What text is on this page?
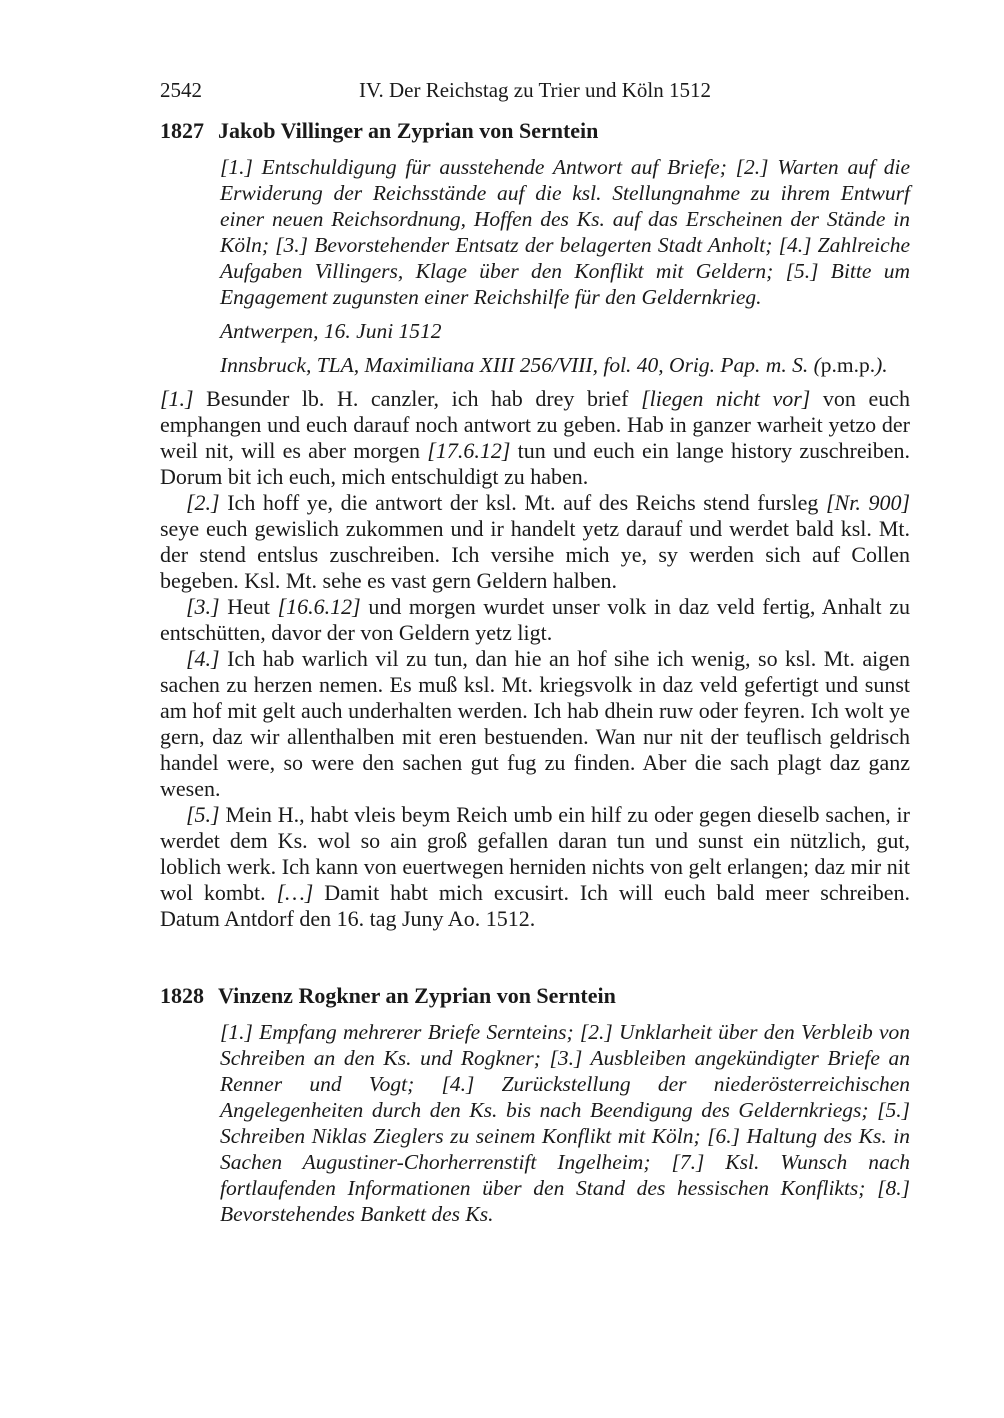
2542	IV. Der Reichstag zu Trier und Köln 1512
1827 Jakob Villinger an Zyprian von Serntein
[1.] Entschuldigung für ausstehende Antwort auf Briefe; [2.] Warten auf die Erwiderung der Reichsstände auf die ksl. Stellungnahme zu ihrem Entwurf einer neuen Reichsordnung, Hoffen des Ks. auf das Erscheinen der Stände in Köln; [3.] Bevorstehender Entsatz der belagerten Stadt Anholt; [4.] Zahlreiche Aufgaben Villingers, Klage über den Konflikt mit Geldern; [5.] Bitte um Engagement zugunsten einer Reichshilfe für den Geldernkrieg.
Antwerpen, 16. Juni 1512
Innsbruck, TLA, Maximiliana XIII 256/VIII, fol. 40, Orig. Pap. m. S. (p.m.p.).

[1.] Besunder lb. H. canzler, ich hab drey brief [liegen nicht vor] von euch emphangen und euch darauf noch antwort zu geben. Hab in ganzer warheit yetzo der weil nit, will es aber morgen [17.6.12] tun und euch ein lange history zuschreiben. Dorum bit ich euch, mich entschuldigt zu haben.

[2.] Ich hoff ye, die antwort der ksl. Mt. auf des Reichs stend fursleg [Nr. 900] seye euch gewislich zukommen und ir handelt yetz darauf und werdet bald ksl. Mt. der stend entslus zuschreiben. Ich versihe mich ye, sy werden sich auf Collen begeben. Ksl. Mt. sehe es vast gern Geldern halben.

[3.] Heut [16.6.12] und morgen wurdet unser volk in daz veld fertig, Anhalt zu entschütten, davor der von Geldern yetz ligt.

[4.] Ich hab warlich vil zu tun, dan hie an hof sihe ich wenig, so ksl. Mt. aigen sachen zu herzen nemen. Es muß ksl. Mt. kriegsvolk in daz veld gefertigt und sunst am hof mit gelt auch underhalten werden. Ich hab dhein ruw oder feyren. Ich wolt ye gern, daz wir allenthalben mit eren bestuenden. Wan nur nit der teuflisch geldrisch handel were, so were den sachen gut fug zu finden. Aber die sach plagt daz ganz wesen.

[5.] Mein H., habt vleis beym Reich umb ein hilf zu oder gegen dieselb sachen, ir werdet dem Ks. wol so ain groß gefallen daran tun und sunst ein nützlich, gut, loblich werk. Ich kann von euertwegen herniden nichts von gelt erlangen; daz mir nit wol kombt. […] Damit habt mich excusirt. Ich will euch bald meer schreiben. Datum Antdorf den 16. tag Juny Ao. 1512.

1828 Vinzenz Rogkner an Zyprian von Serntein
[1.] Empfang mehrerer Briefe Sernteins; [2.] Unklarheit über den Verbleib von Schreiben an den Ks. und Rogkner; [3.] Ausbleiben angekündigter Briefe an Renner und Vogt; [4.] Zurückstellung der niederösterreichischen Angelegenheiten durch den Ks. bis nach Beendigung des Geldernkriegs; [5.] Schreiben Niklas Zieglers zu seinem Konflikt mit Köln; [6.] Haltung des Ks. in Sachen Augustiner-Chorherrenstift Ingelheim; [7.] Ksl. Wunsch nach fortlaufenden Informationen über den Stand des hessischen Konflikts; [8.] Bevorstehendes Bankett des Ks.
